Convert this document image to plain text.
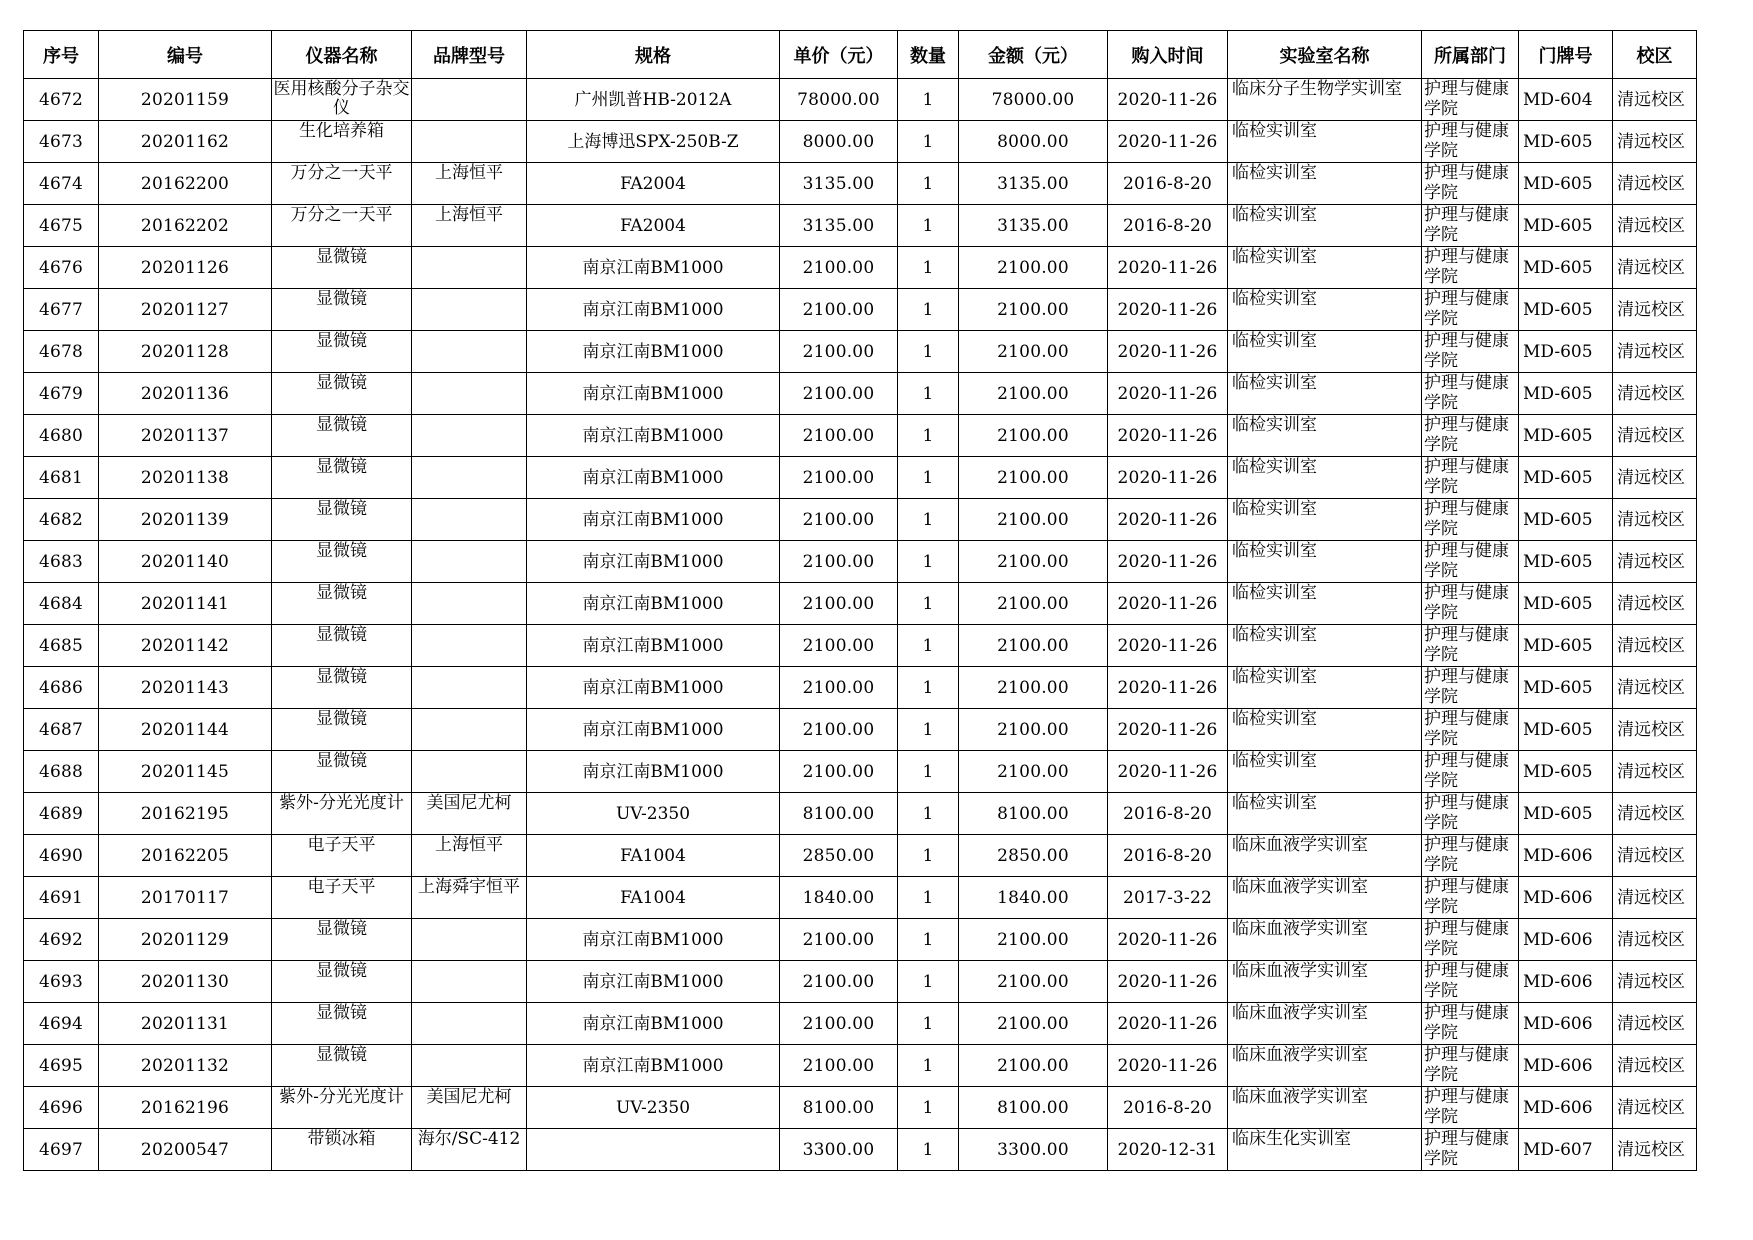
序号	编号	仪器名称	品牌型号	规格	单价（元）	数量	金额（元）	购入时间	实验室名称	所属部门	门牌号	校区
4672	20201159	医用核酸分子杂交仪		广州凯普HB-2012A	78000.00	1	78000.00	2020-11-26	临床分子生物学实训室	护理与健康学院	MD-604	清远校区
4673	20201162	生化培养箱		上海博迅SPX-250B-Z	8000.00	1	8000.00	2020-11-26	临检实训室	护理与健康学院	MD-605	清远校区
4674	20162200	万分之一天平	上海恒平	FA2004	3135.00	1	3135.00	2016-8-20	临检实训室	护理与健康学院	MD-605	清远校区
4675	20162202	万分之一天平	上海恒平	FA2004	3135.00	1	3135.00	2016-8-20	临检实训室	护理与健康学院	MD-605	清远校区
4676	20201126	显微镜		南京江南BM1000	2100.00	1	2100.00	2020-11-26	临检实训室	护理与健康学院	MD-605	清远校区
4677	20201127	显微镜		南京江南BM1000	2100.00	1	2100.00	2020-11-26	临检实训室	护理与健康学院	MD-605	清远校区
4678	20201128	显微镜		南京江南BM1000	2100.00	1	2100.00	2020-11-26	临检实训室	护理与健康学院	MD-605	清远校区
4679	20201136	显微镜		南京江南BM1000	2100.00	1	2100.00	2020-11-26	临检实训室	护理与健康学院	MD-605	清远校区
4680	20201137	显微镜		南京江南BM1000	2100.00	1	2100.00	2020-11-26	临检实训室	护理与健康学院	MD-605	清远校区
4681	20201138	显微镜		南京江南BM1000	2100.00	1	2100.00	2020-11-26	临检实训室	护理与健康学院	MD-605	清远校区
4682	20201139	显微镜		南京江南BM1000	2100.00	1	2100.00	2020-11-26	临检实训室	护理与健康学院	MD-605	清远校区
4683	20201140	显微镜		南京江南BM1000	2100.00	1	2100.00	2020-11-26	临检实训室	护理与健康学院	MD-605	清远校区
4684	20201141	显微镜		南京江南BM1000	2100.00	1	2100.00	2020-11-26	临检实训室	护理与健康学院	MD-605	清远校区
4685	20201142	显微镜		南京江南BM1000	2100.00	1	2100.00	2020-11-26	临检实训室	护理与健康学院	MD-605	清远校区
4686	20201143	显微镜		南京江南BM1000	2100.00	1	2100.00	2020-11-26	临检实训室	护理与健康学院	MD-605	清远校区
4687	20201144	显微镜		南京江南BM1000	2100.00	1	2100.00	2020-11-26	临检实训室	护理与健康学院	MD-605	清远校区
4688	20201145	显微镜		南京江南BM1000	2100.00	1	2100.00	2020-11-26	临检实训室	护理与健康学院	MD-605	清远校区
4689	20162195	紫外-分光光度计	美国尼尤柯	UV-2350	8100.00	1	8100.00	2016-8-20	临检实训室	护理与健康学院	MD-605	清远校区
4690	20162205	电子天平	上海恒平	FA1004	2850.00	1	2850.00	2016-8-20	临床血液学实训室	护理与健康学院	MD-606	清远校区
4691	20170117	电子天平	上海舜宇恒平	FA1004	1840.00	1	1840.00	2017-3-22	临床血液学实训室	护理与健康学院	MD-606	清远校区
4692	20201129	显微镜		南京江南BM1000	2100.00	1	2100.00	2020-11-26	临床血液学实训室	护理与健康学院	MD-606	清远校区
4693	20201130	显微镜		南京江南BM1000	2100.00	1	2100.00	2020-11-26	临床血液学实训室	护理与健康学院	MD-606	清远校区
4694	20201131	显微镜		南京江南BM1000	2100.00	1	2100.00	2020-11-26	临床血液学实训室	护理与健康学院	MD-606	清远校区
4695	20201132	显微镜		南京江南BM1000	2100.00	1	2100.00	2020-11-26	临床血液学实训室	护理与健康学院	MD-606	清远校区
4696	20162196	紫外-分光光度计	美国尼尤柯	UV-2350	8100.00	1	8100.00	2016-8-20	临床血液学实训室	护理与健康学院	MD-606	清远校区
4697	20200547	带锁冰箱	海尔/SC-412		3300.00	1	3300.00	2020-12-31	临床生化实训室	护理与健康学院	MD-607	清远校区
